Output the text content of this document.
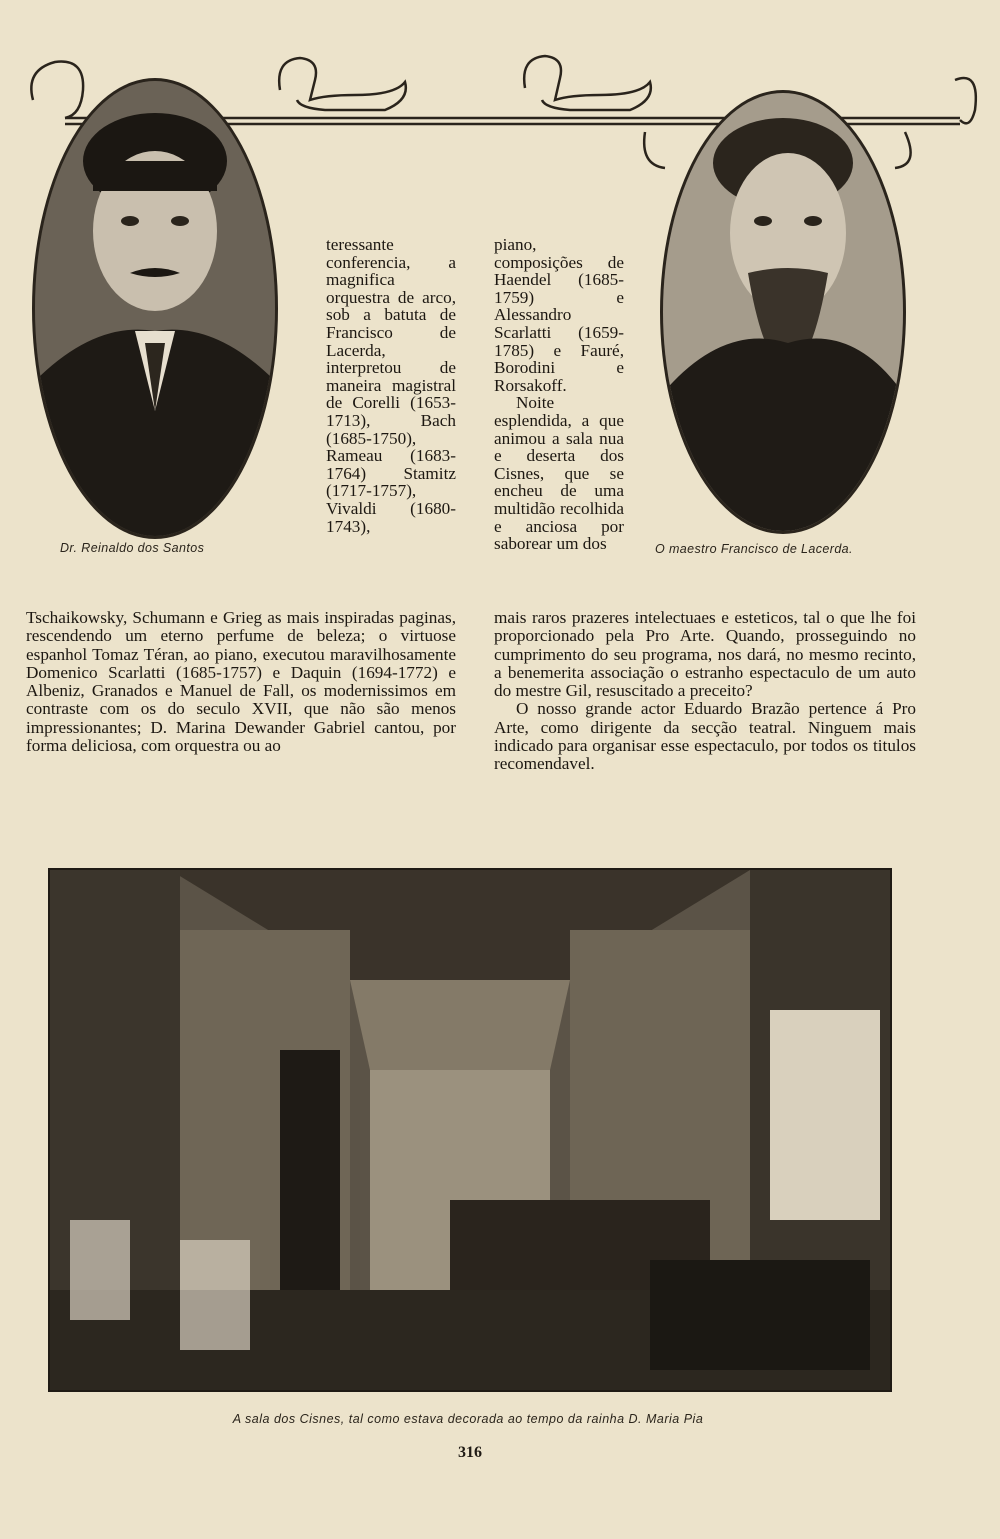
Dr. Reinaldo dos Santos	O maestro Francisco de Lacerda.

teressante conferencia, a magnifica orquestra de arco, sob a batuta de Francisco de Lacerda, interpretou de maneira magistral de Corelli (1653-1713), Bach (1685-1750), Rameau (1683-1764) Stamitz (1717-1757), Vivaldi (1680-1743),

piano, composições de Haendel (1685-1759) e Alessandro Scarlatti (1659-1785) e Fauré, Borodini e Rorsakoff.

Noite esplendida, a que animou a sala nua e deserta dos Cisnes, que se encheu de uma multidão recolhida e anciosa por saborear um dos

Tschaikowsky, Schumann e Grieg as mais inspiradas paginas, rescendendo um eterno perfume de beleza; o virtuose espanhol Tomaz Téran, ao piano, executou maravilhosamente Domenico Scarlatti (1685-1757) e Daquin (1694-1772) e Albeniz, Granados e Manuel de Fall, os modernissimos em contraste com os do seculo XVII, que não são menos impressionantes; D. Marina Dewander Gabriel cantou, por forma deliciosa, com orquestra ou ao

mais raros prazeres intelectuaes e esteticos, tal o que lhe foi proporcionado pela Pro Arte. Quando, prosseguindo no cumprimento do seu programa, nos dará, no mesmo recinto, a benemerita associação o estranho espectaculo de um auto do mestre Gil, resuscitado a preceito?

O nosso grande actor Eduardo Brazão pertence á Pro Arte, como dirigente da secção teatral. Ninguem mais indicado para organisar esse espectaculo, por todos os titulos recomendavel.

A sala dos Cisnes, tal como estava decorada ao tempo da rainha D. Maria Pia
316
